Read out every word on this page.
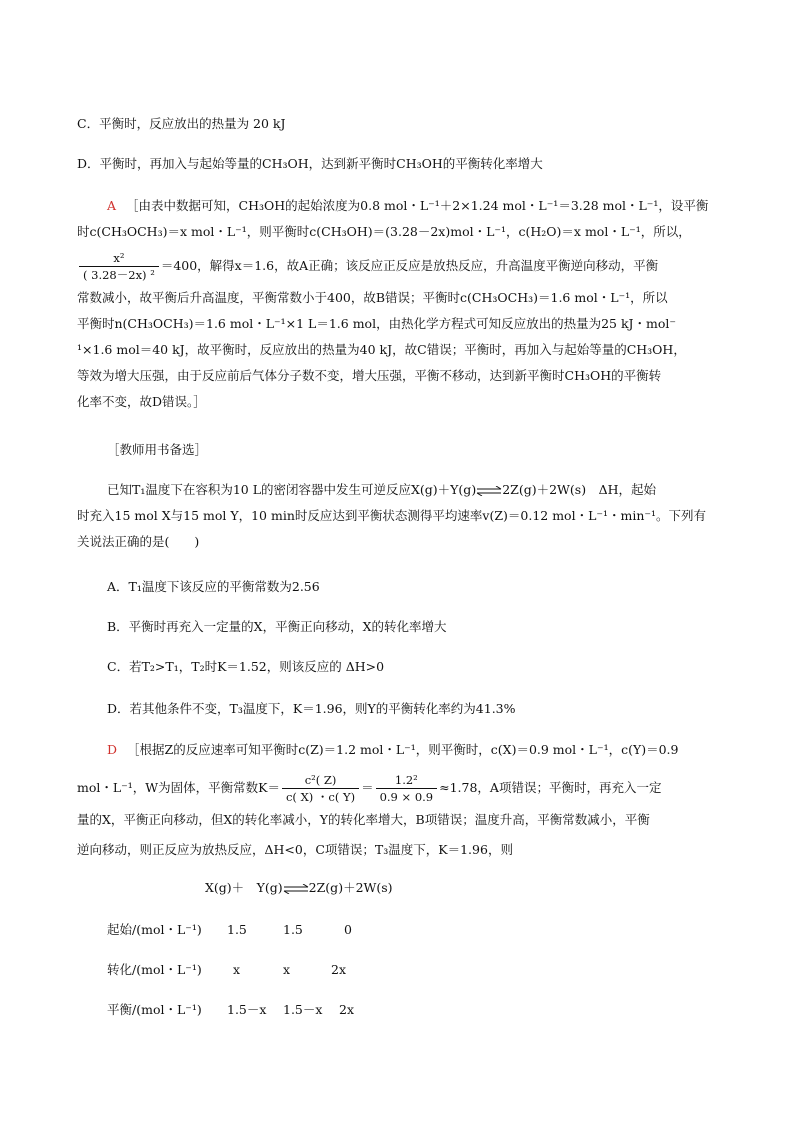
C．平衡时，反应放出的热量为 20 kJ
D．平衡时，再加入与起始等量的CH₃OH，达到新平衡时CH₃OH的平衡转化率增大
A ［由表中数据可知，CH₃OH的起始浓度为0.8 mol・L⁻¹＋2×1.24 mol・L⁻¹＝3.28 mol・L⁻¹，设平衡
时c(CH₃OCH₃)＝x mol・L⁻¹，则平衡时c(CH₃OH)＝(3.28－2x)mol・L⁻¹，c(H₂O)＝x mol・L⁻¹，所以，
$\frac{\text{x²}}{\text{( 3.28－2x) ²}} =400$，解得x＝1.6，故A正确；该反应正反应是放热反应，升高温度平衡逆向移动，平衡
常数减小，故平衡后升高温度，平衡常数小于400，故B错误；平衡时c(CH₃OCH₃)＝1.6 mol・L⁻¹，所以
平衡时n(CH₃OCH₃)＝1.6 mol・L⁻¹×1 L＝1.6 mol，由热化学方程式可知反应放出的热量为25 kJ・mol⁻
¹×1.6 mol＝40 kJ，故平衡时，反应放出的热量为40 kJ，故C错误；平衡时，再加入与起始等量的CH₃OH，
等效为增大压强，由于反应前后气体分子数不变，增大压强，平衡不移动，达到新平衡时CH₃OH的平衡转
化率不变，故D错误。］
［教师用书备选］
已知T₁温度下在容积为10 L的密闭容器中发生可逆反应X(g)＋Y(g)⇌2Z(g)＋2W(s)　ΔH，起始
时充入15 mol X与15 mol Y，10 min时反应达到平衡状态测得平均速率v(Z)＝0.12 mol・L⁻¹・min⁻¹。下列有
关说法正确的是(　　)
A．T₁温度下该反应的平衡常数为2.56
B．平衡时再充入一定量的X，平衡正向移动，X的转化率增大
C．若T₂>T₁，T₂时K＝1.52，则该反应的 ΔH>0
D．若其他条件不变，T₃温度下，K＝1.96，则Y的平衡转化率约为41.3%
D ［根据Z的反应速率可知平衡时c(Z)＝1.2 mol・L⁻¹，则平衡时，c(X)＝0.9 mol・L⁻¹，c(Y)＝0.9
mol・L⁻¹，W为固体，平衡常数$K= \frac{\text{c²( Z)}}{c( X) ・c( Y)} = \frac{\text{1.2²}}{0.9 \times 0.9} \approx 1.78$，A项错误；平衡时，再充入一定
量的X，平衡正向移动，但X的转化率减小，Y的转化率增大，B项错误；温度升高，平衡常数减小，平衡
逆向移动，则正反应为放热反应，ΔH<0，C项错误；T₃温度下，K＝1.96，则
X(g)＋　Y(g)⇌2Z(g)＋2W(s)
起始/(mol・L⁻¹) 1.5	1.5	0
转化/(mol・L⁻¹) x	x	2x
平衡/(mol・L⁻¹) 1.5－x 1.5－x 2x
